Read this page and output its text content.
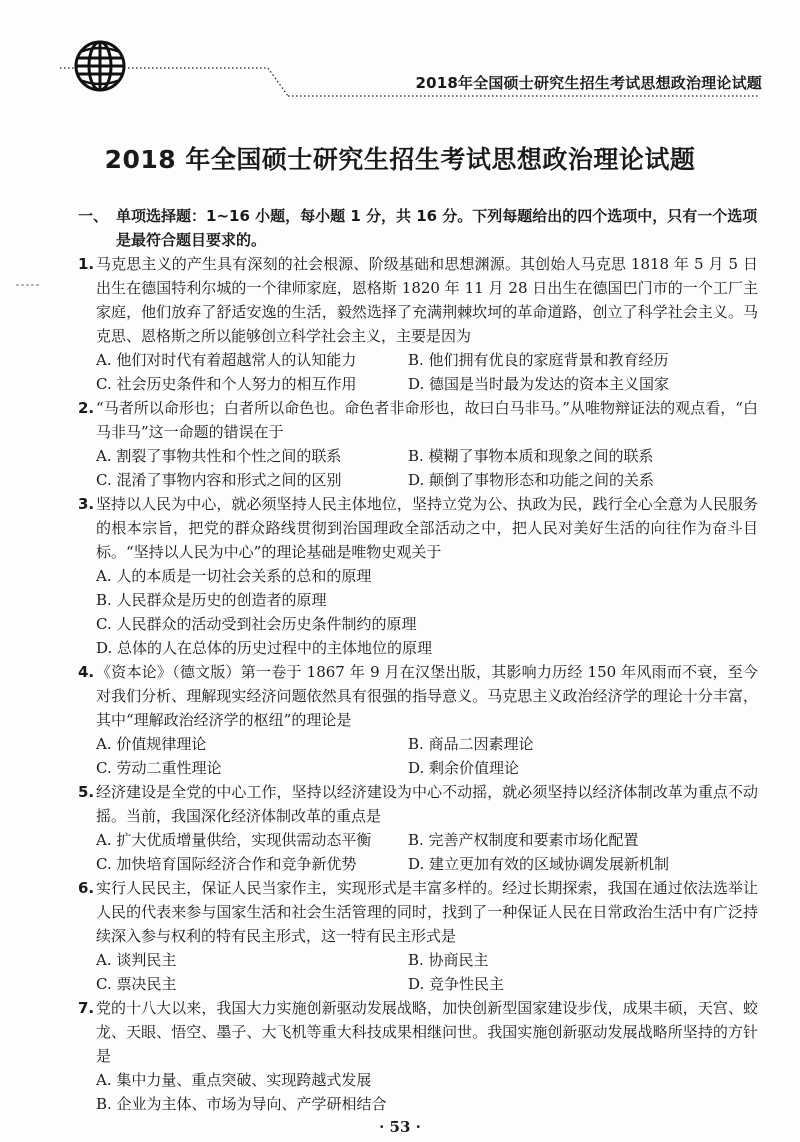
2018年全国硕士研究生招生考试思想政治理论试题
2018 年全国硕士研究生招生考试思想政治理论试题
一、 单项选择题：1~16 小题，每小题 1 分，共 16 分。下列每题给出的四个选项中，只有一个选项是最符合题目要求的。
1. 马克思主义的产生具有深刻的社会根源、阶级基础和思想渊源。其创始人马克思 1818 年 5 月 5 日出生在德国特利尔城的一个律师家庭，恩格斯 1820 年 11 月 28 日出生在德国巴门市的一个工厂主家庭，他们放弃了舒适安逸的生活，毅然选择了充满荆棘坎坷的革命道路，创立了科学社会主义。马克思、恩格斯之所以能够创立科学社会主义，主要是因为
A. 他们对时代有着超越常人的认知能力	B. 他们拥有优良的家庭背景和教育经历
C. 社会历史条件和个人努力的相互作用	D. 德国是当时最为发达的资本主义国家
2. “马者所以命形也；白者所以命色也。命色者非命形也，故曰白马非马。”从唯物辩证法的观点看，“白马非马”这一命题的错误在于
A. 割裂了事物共性和个性之间的联系	B. 模糊了事物本质和现象之间的联系
C. 混淆了事物内容和形式之间的区别	D. 颠倒了事物形态和功能之间的关系
3. 坚持以人民为中心，就必须坚持人民主体地位，坚持立党为公、执政为民，践行全心全意为人民服务的根本宗旨，把党的群众路线贯彻到治国理政全部活动之中，把人民对美好生活的向往作为奋斗目标。“坚持以人民为中心”的理论基础是唯物史观关于
A. 人的本质是一切社会关系的总和的原理
B. 人民群众是历史的创造者的原理
C. 人民群众的活动受到社会历史条件制约的原理
D. 总体的人在总体的历史过程中的主体地位的原理
4. 《资本论》（德文版）第一卷于 1867 年 9 月在汉堡出版，其影响力历经 150 年风雨而不衰，至今对我们分析、理解现实经济问题依然具有很强的指导意义。马克思主义政治经济学的理论十分丰富，其中“理解政治经济学的枢纽”的理论是
A. 价值规律理论	B. 商品二因素理论
C. 劳动二重性理论	D. 剩余价值理论
5. 经济建设是全党的中心工作，坚持以经济建设为中心不动摇，就必须坚持以经济体制改革为重点不动摇。当前，我国深化经济体制改革的重点是
A. 扩大优质增量供给，实现供需动态平衡	B. 完善产权制度和要素市场化配置
C. 加快培育国际经济合作和竞争新优势	D. 建立更加有效的区域协调发展新机制
6. 实行人民民主，保证人民当家作主，实现形式是丰富多样的。经过长期探索，我国在通过依法选举让人民的代表来参与国家生活和社会生活管理的同时，找到了一种保证人民在日常政治生活中有广泛持续深入参与权利的特有民主形式，这一特有民主形式是
A. 谈判民主	B. 协商民主
C. 票决民主	D. 竞争性民主
7. 党的十八大以来，我国大力实施创新驱动发展战略，加快创新型国家建设步伐，成果丰硕，天宫、蛟龙、天眼、悟空、墨子、大飞机等重大科技成果相继问世。我国实施创新驱动发展战略所坚持的方针是
A. 集中力量、重点突破、实现跨越式发展
B. 企业为主体、市场为导向、产学研相结合
· 53 ·
